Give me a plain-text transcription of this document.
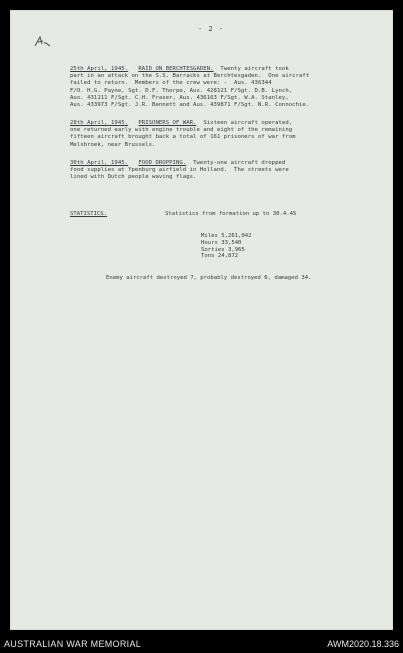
- 2 -
25th April, 1945. RAID ON BERCHTESGADEN. Twenty aircraft took
part in an attack on the S.S. Barracks at Berchtesgaden.  One aircraft
failed to return.  Members of the crew were: -  Aus. 436344
F/O. H.G. Payne, Sgt. D.F. Thorpe, Aus. 428121 F/Sgt. D.B. Lynch,
Aus. 431111 F/Sgt. C.H. Fraser, Aus. 436163 F/Sgt. W.A. Stanley,
Aus. 433973 F/Sgt. J.R. Bennett and Aus. 439871 F/Sgt. N.R. Connochie.
28th April, 1945. PRISONERS OF WAR. Sixteen aircraft operated,
one returned early with engine trouble and eight of the remaining
fifteen aircraft brought back a total of 161 prisoners of war from
Melsbroek, near Brussels.
30th April, 1945. FOOD DROPPING. Twenty-one aircraft dropped
food supplies at Ypenburg airfield in Holland.  The streets were
lined with Dutch people waving flags.
STATISTICS.	Statistics from formation up to 30.4.45
Miles 5,261,042
Hours 33,540
Sorties 3,965
Tons 24,872
Enemy aircraft destroyed 7, probably destroyed 6, damaged 34.
AUSTRALIAN WAR MEMORIAL	AWM2020.18.336
